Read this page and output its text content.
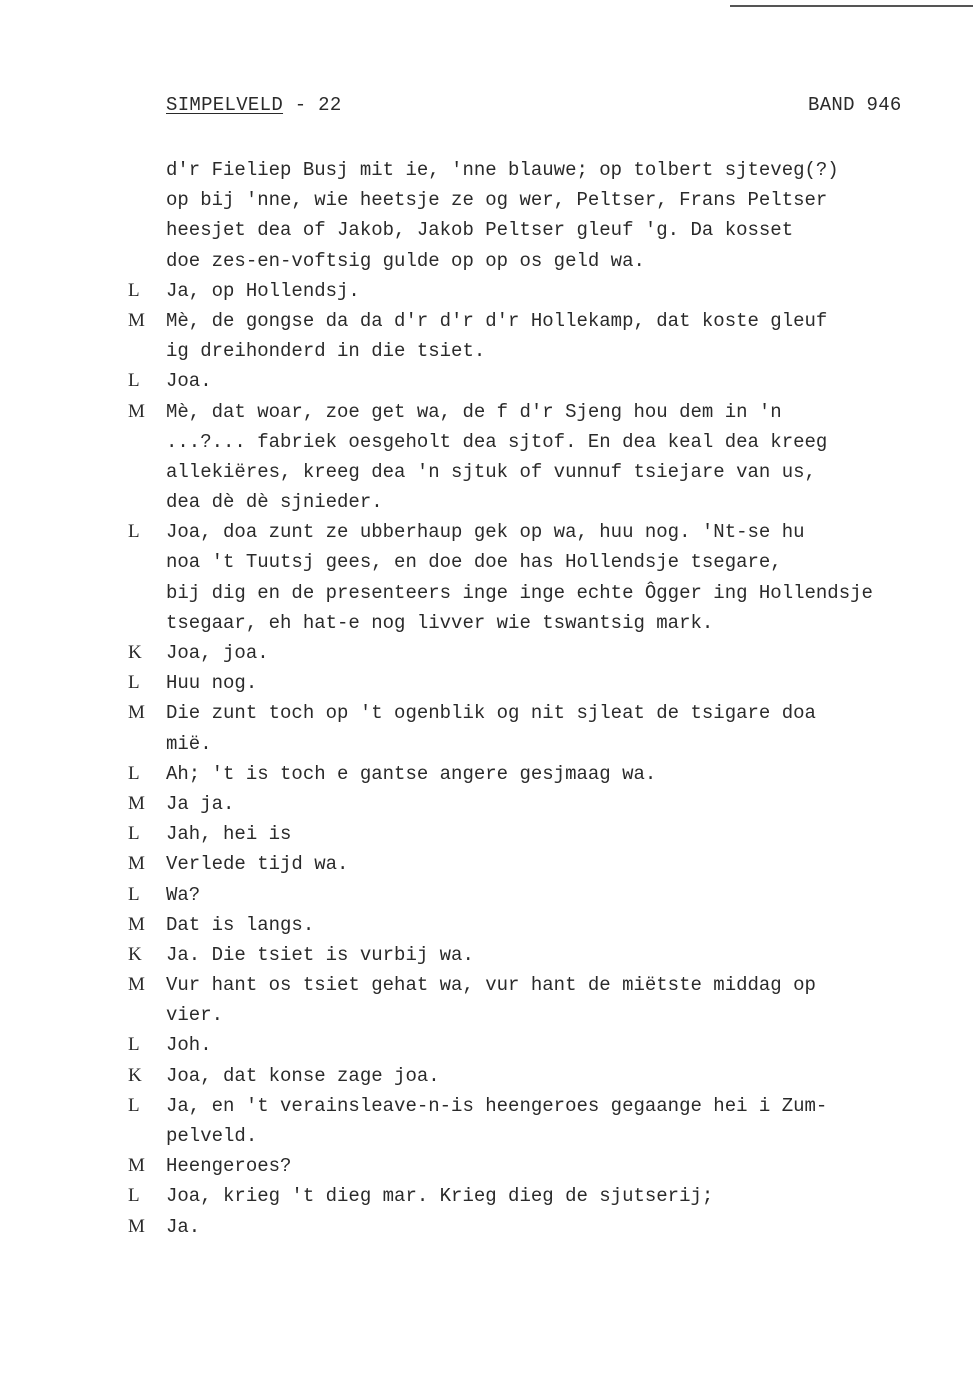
SIMPELVELD - 22	BAND 946
d'r Fieliep Busj mit ie, 'nne blauwe; op tolbert sjteveg(?)
op bij 'nne, wie heetsje ze og wer, Peltser, Frans Peltser
heesjet dea of Jakob, Jakob Peltser gleuf 'g. Da kosset
doe zes-en-voftsig gulde op op os geld wa.
L Ja, op Hollendsj.
M Mè, de gongse da da d'r d'r d'r Hollekamp, dat koste gleuf
ig dreihonderd in die tsiet.
L Joa.
M Mè, dat woar, zoe get wa, de f d'r Sjeng hou dem in 'n
...?... fabriek oesgeholt dea sjtof. En dea keal dea kreeg
allekiëres, kreeg dea 'n sjtuk of vunnuf tsiejare van us,
dea dè dè sjnieder.
L Joa, doa zunt ze ubberhaup gek op wa, huu nog. 'Nt-se hu
noa 't Tuutsj gees, en doe doe has Hollendsje tsegare,
bij dig en de presenteers inge inge echte Ôgger ing Hollendsje
tsegaar, eh hat-e nog livver wie tswantsig mark.
K Joa, joa.
L Huu nog.
M Die zunt toch op 't ogenblik og nit sjleat de tsigare doa
mië.
L Ah; 't is toch e gantse angere gesjmaag wa.
M Ja ja.
L Jah, hei is
M Verlede tijd wa.
L Wa?
M Dat is langs.
K Ja. Die tsiet is vurbij wa.
M Vur hant os tsiet gehat wa, vur hant de miëtste middag op
vier.
L Joh.
K Joa, dat konse zage joa.
L Ja, en 't verainsleave-n-is heengeroes gegaange hei i Zum-
pelveld.
M Heengeroes?
L Joa, krieg 't dieg mar. Krieg dieg de sjutserij;
M Ja.
